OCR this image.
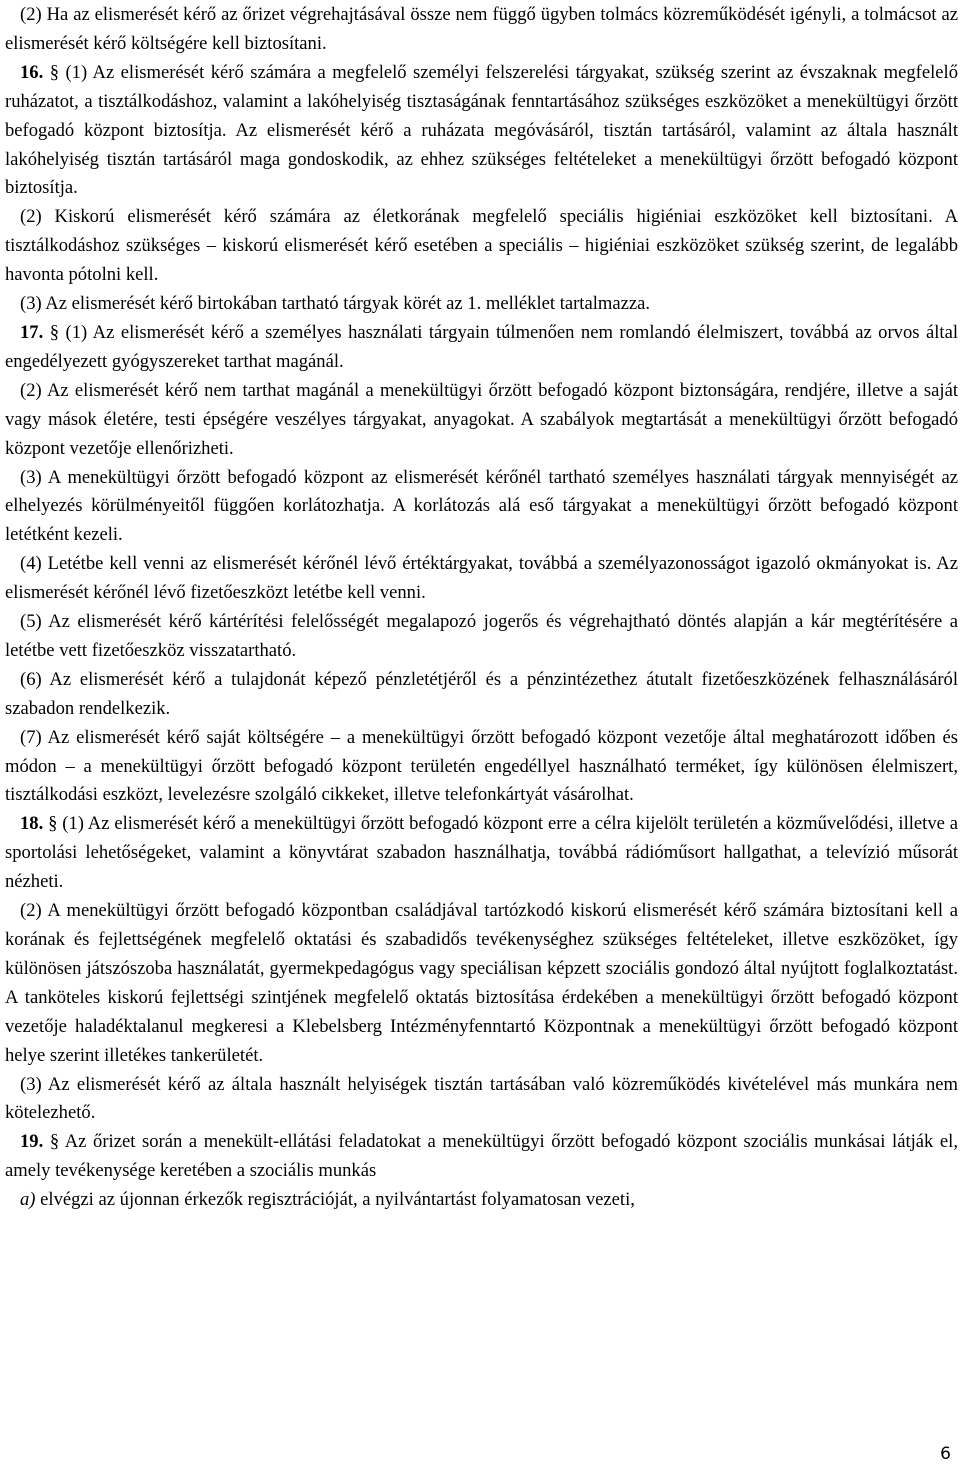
(2) Ha az elismerését kérő az őrizet végrehajtásával össze nem függő ügyben tolmács közreműködését igényli, a tolmácsot az elismerését kérő költségére kell biztosítani.

16. § (1) Az elismerését kérő számára a megfelelő személyi felszerelési tárgyakat, szükség szerint az évszaknak megfelelő ruházatot, a tisztálkodáshoz, valamint a lakóhelyiség tisztaságának fenntartásához szükséges eszközöket a menekültügyi őrzött befogadó központ biztosítja. Az elismerését kérő a ruházata megóvásáról, tisztán tartásáról, valamint az általa használt lakóhelyiség tisztán tartásáról maga gondoskodik, az ehhez szükséges feltételeket a menekültügyi őrzött befogadó központ biztosítja.

(2) Kiskorú elismerését kérő számára az életkorának megfelelő speciális higiéniai eszközöket kell biztosítani. A tisztálkodáshoz szükséges – kiskorú elismerését kérő esetében a speciális – higiéniai eszközöket szükség szerint, de legalább havonta pótolni kell.

(3) Az elismerését kérő birtokában tartható tárgyak körét az 1. melléklet tartalmazza.

17. § (1) Az elismerését kérő a személyes használati tárgyain túlmenően nem romlandó élelmiszert, továbbá az orvos által engedélyezett gyógyszereket tarthat magánál.

(2) Az elismerését kérő nem tarthat magánál a menekültügyi őrzött befogadó központ biztonságára, rendjére, illetve a saját vagy mások életére, testi épségére veszélyes tárgyakat, anyagokat. A szabályok megtartását a menekültügyi őrzött befogadó központ vezetője ellenőrizheti.

(3) A menekültügyi őrzött befogadó központ az elismerését kérőnél tartható személyes használati tárgyak mennyiségét az elhelyezés körülményeitől függően korlátozhatja. A korlátozás alá eső tárgyakat a menekültügyi őrzött befogadó központ letétként kezeli.

(4) Letétbe kell venni az elismerését kérőnél lévő értéktárgyakat, továbbá a személyazonosságot igazoló okmányokat is. Az elismerését kérőnél lévő fizetőeszközt letétbe kell venni.

(5) Az elismerését kérő kártérítési felelősségét megalapozó jogerős és végrehajtható döntés alapján a kár megtérítésére a letétbe vett fizetőeszköz visszatartható.

(6) Az elismerését kérő a tulajdonát képező pénzletétjéről és a pénzintézethez átutalt fizetőeszközének felhasználásáról szabadon rendelkezik.

(7) Az elismerését kérő saját költségére – a menekültügyi őrzött befogadó központ vezetője által meghatározott időben és módon – a menekültügyi őrzött befogadó központ területén engedéllyel használható terméket, így különösen élelmiszert, tisztálkodási eszközt, levelezésre szolgáló cikkeket, illetve telefonkártyát vásárolhat.

18. § (1) Az elismerését kérő a menekültügyi őrzött befogadó központ erre a célra kijelölt területén a közművelődési, illetve a sportolási lehetőségeket, valamint a könyvtárat szabadon használhatja, továbbá rádióműsort hallgathat, a televízió műsorát nézheti.

(2) A menekültügyi őrzött befogadó központban családjával tartózkodó kiskorú elismerését kérő számára biztosítani kell a korának és fejlettségének megfelelő oktatási és szabadidős tevékenységhez szükséges feltételeket, illetve eszközöket, így különösen játszószoba használatát, gyermekpedagógus vagy speciálisan képzett szociális gondozó által nyújtott foglalkoztatást. A tanköteles kiskorú fejlettségi szintjének megfelelő oktatás biztosítása érdekében a menekültügyi őrzött befogadó központ vezetője haladéktalanul megkeresi a Klebelsberg Intézményfenntartó Központnak a menekültügyi őrzött befogadó központ helye szerint illetékes tankerületét.

(3) Az elismerését kérő az általa használt helyiségek tisztán tartásában való közreműködés kivételével más munkára nem kötelezhető.

19. § Az őrizet során a menekült-ellátási feladatokat a menekültügyi őrzött befogadó központ szociális munkásai látják el, amely tevékenysége keretében a szociális munkás

a) elvégzi az újonnan érkezők regisztrációját, a nyilvántartást folyamatosan vezeti,

6
